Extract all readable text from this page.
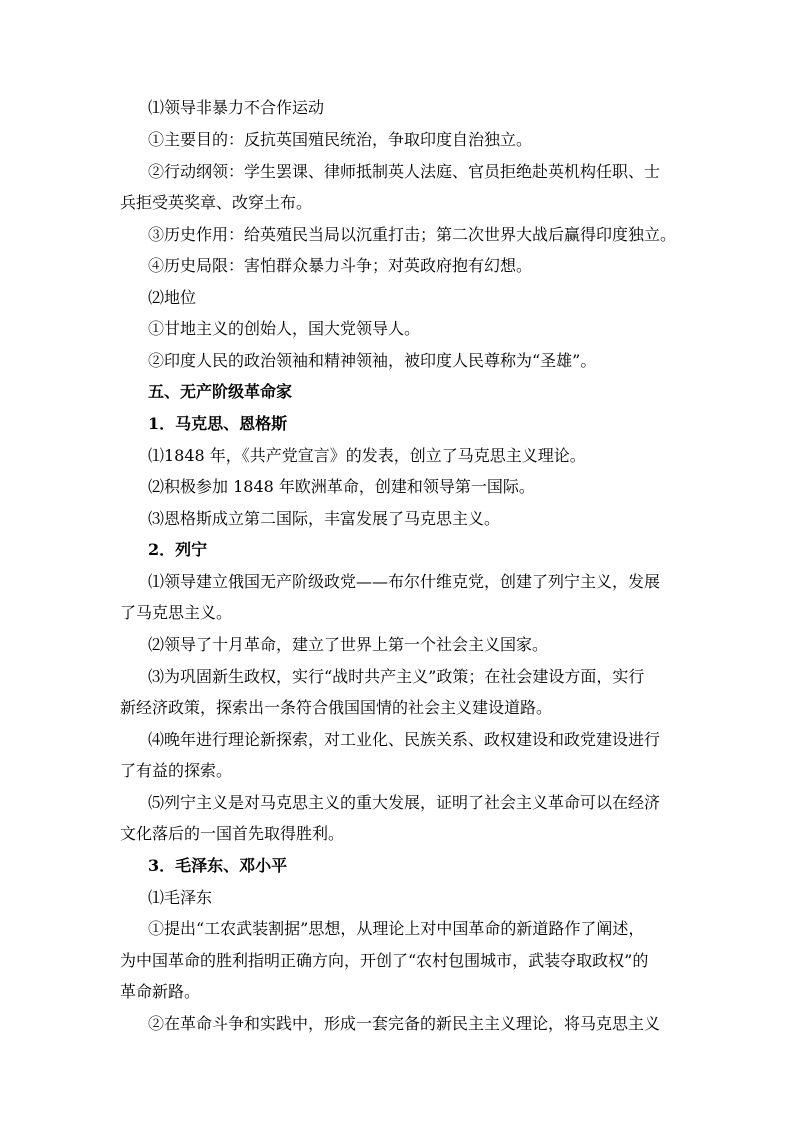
⑴领导非暴力不合作运动
①主要目的：反抗英国殖民统治，争取印度自治独立。
②行动纲领：学生罢课、律师抵制英人法庭、官员拒绝赴英机构任职、士
兵拒受英奖章、改穿土布。
③历史作用：给英殖民当局以沉重打击；第二次世界大战后赢得印度独立。
④历史局限：害怕群众暴力斗争；对英政府抱有幻想。
⑵地位
①甘地主义的创始人，国大党领导人。
②印度人民的政治领袖和精神领袖，被印度人民尊称为“圣雄”。
五、无产阶级革命家
1．马克思、恩格斯
⑴1848 年，《共产党宣言》的发表，创立了马克思主义理论。
⑵积极参加 1848 年欧洲革命，创建和领导第一国际。
⑶恩格斯成立第二国际，丰富发展了马克思主义。
2．列宁
⑴领导建立俄国无产阶级政党——布尔什维克党，创建了列宁主义，发展
了马克思主义。
⑵领导了十月革命，建立了世界上第一个社会主义国家。
⑶为巩固新生政权，实行“战时共产主义”政策；在社会建设方面，实行
新经济政策，探索出一条符合俄国国情的社会主义建设道路。
⑷晚年进行理论新探索，对工业化、民族关系、政权建设和政党建设进行
了有益的探索。
⑸列宁主义是对马克思主义的重大发展，证明了社会主义革命可以在经济
文化落后的一国首先取得胜利。
3．毛泽东、邓小平
⑴毛泽东
①提出“工农武装割据”思想，从理论上对中国革命的新道路作了阐述，
为中国革命的胜利指明正确方向，开创了“农村包围城市，武装夺取政权”的
革命新路。
②在革命斗争和实践中，形成一套完备的新民主主义理论，将马克思主义
